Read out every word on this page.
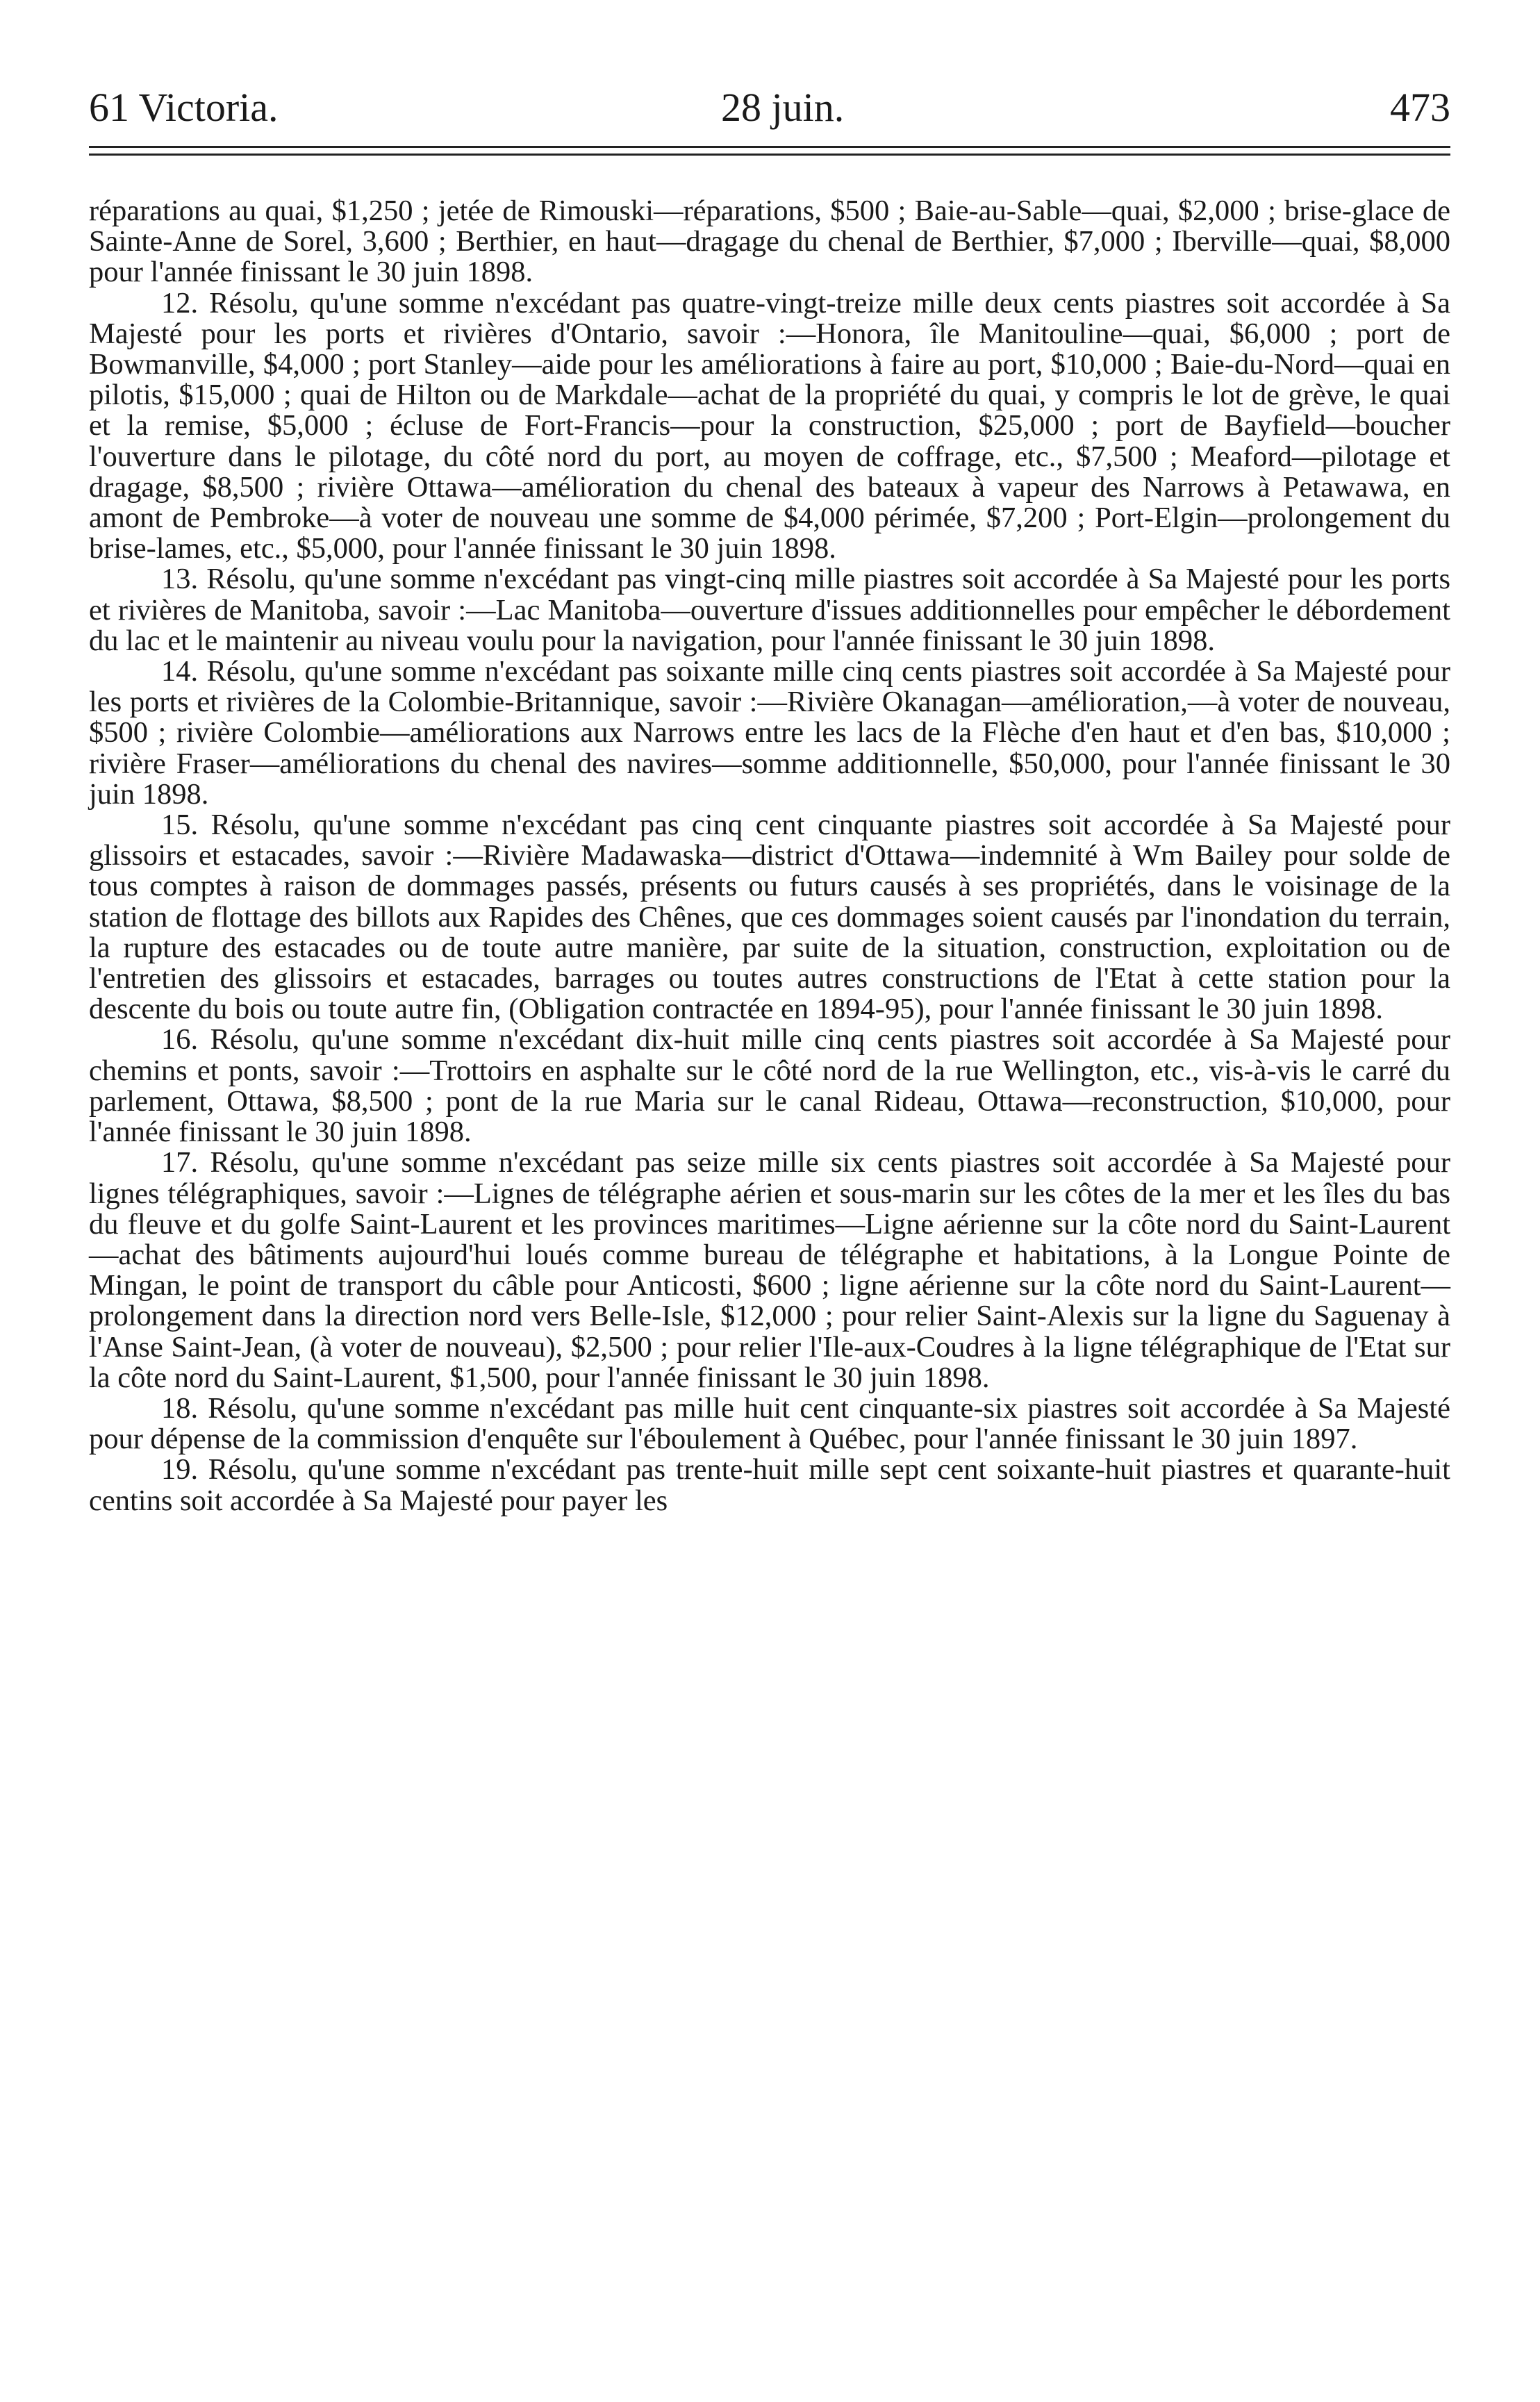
61 Victoria.	28 juin.	473

réparations au quai, $1,250 ; jetée de Rimouski—réparations, $500 ; Baie-au-Sable—quai, $2,000 ; brise-glace de Sainte-Anne de Sorel, 3,600 ; Berthier, en haut—dragage du chenal de Berthier, $7,000 ; Iberville—quai, $8,000 pour l'année finissant le 30 juin 1898.

12. Résolu, qu'une somme n'excédant pas quatre-vingt-treize mille deux cents piastres soit accordée à Sa Majesté pour les ports et rivières d'Ontario, savoir :—Honora, île Manitouline—quai, $6,000 ; port de Bowmanville, $4,000 ; port Stanley—aide pour les améliorations à faire au port, $10,000 ; Baie-du-Nord—quai en pilotis, $15,000 ; quai de Hilton ou de Markdale—achat de la propriété du quai, y compris le lot de grève, le quai et la remise, $5,000 ; écluse de Fort-Francis—pour la construction, $25,000 ; port de Bayfield—boucher l'ouverture dans le pilotage, du côté nord du port, au moyen de coffrage, etc., $7,500 ; Meaford—pilotage et dragage, $8,500 ; rivière Ottawa—amélioration du chenal des bateaux à vapeur des Narrows à Petawawa, en amont de Pembroke—à voter de nouveau une somme de $4,000 périmée, $7,200 ; Port-Elgin—prolongement du brise-lames, etc., $5,000, pour l'année finissant le 30 juin 1898.

13. Résolu, qu'une somme n'excédant pas vingt-cinq mille piastres soit accordée à Sa Majesté pour les ports et rivières de Manitoba, savoir :—Lac Manitoba—ouverture d'issues additionnelles pour empêcher le débordement du lac et le maintenir au niveau voulu pour la navigation, pour l'année finissant le 30 juin 1898.

14. Résolu, qu'une somme n'excédant pas soixante mille cinq cents piastres soit accordée à Sa Majesté pour les ports et rivières de la Colombie-Britannique, savoir :—Rivière Okanagan—amélioration,—à voter de nouveau, $500 ; rivière Colombie—améliorations aux Narrows entre les lacs de la Flèche d'en haut et d'en bas, $10,000 ; rivière Fraser—améliorations du chenal des navires—somme additionnelle, $50,000, pour l'année finissant le 30 juin 1898.

15. Résolu, qu'une somme n'excédant pas cinq cent cinquante piastres soit accordée à Sa Majesté pour glissoirs et estacades, savoir :—Rivière Madawaska—district d'Ottawa—indemnité à Wm Bailey pour solde de tous comptes à raison de dommages passés, présents ou futurs causés à ses propriétés, dans le voisinage de la station de flottage des billots aux Rapides des Chênes, que ces dommages soient causés par l'inondation du terrain, la rupture des estacades ou de toute autre manière, par suite de la situation, construction, exploitation ou de l'entretien des glissoirs et estacades, barrages ou toutes autres constructions de l'Etat à cette station pour la descente du bois ou toute autre fin, (Obligation contractée en 1894-95), pour l'année finissant le 30 juin 1898.

16. Résolu, qu'une somme n'excédant dix-huit mille cinq cents piastres soit accordée à Sa Majesté pour chemins et ponts, savoir :—Trottoirs en asphalte sur le côté nord de la rue Wellington, etc., vis-à-vis le carré du parlement, Ottawa, $8,500 ; pont de la rue Maria sur le canal Rideau, Ottawa—reconstruction, $10,000, pour l'année finissant le 30 juin 1898.

17. Résolu, qu'une somme n'excédant pas seize mille six cents piastres soit accordée à Sa Majesté pour lignes télégraphiques, savoir :—Lignes de télégraphe aérien et sous-marin sur les côtes de la mer et les îles du bas du fleuve et du golfe Saint-Laurent et les provinces maritimes—Ligne aérienne sur la côte nord du Saint-Laurent—achat des bâtiments aujourd'hui loués comme bureau de télégraphe et habitations, à la Longue Pointe de Mingan, le point de transport du câble pour Anticosti, $600 ; ligne aérienne sur la côte nord du Saint-Laurent—prolongement dans la direction nord vers Belle-Isle, $12,000 ; pour relier Saint-Alexis sur la ligne du Saguenay à l'Anse Saint-Jean, (à voter de nouveau), $2,500 ; pour relier l'Ile-aux-Coudres à la ligne télégraphique de l'Etat sur la côte nord du Saint-Laurent, $1,500, pour l'année finissant le 30 juin 1898.

18. Résolu, qu'une somme n'excédant pas mille huit cent cinquante-six piastres soit accordée à Sa Majesté pour dépense de la commission d'enquête sur l'éboulement à Québec, pour l'année finissant le 30 juin 1897.

19. Résolu, qu'une somme n'excédant pas trente-huit mille sept cent soixante-huit piastres et quarante-huit centins soit accordée à Sa Majesté pour payer les
